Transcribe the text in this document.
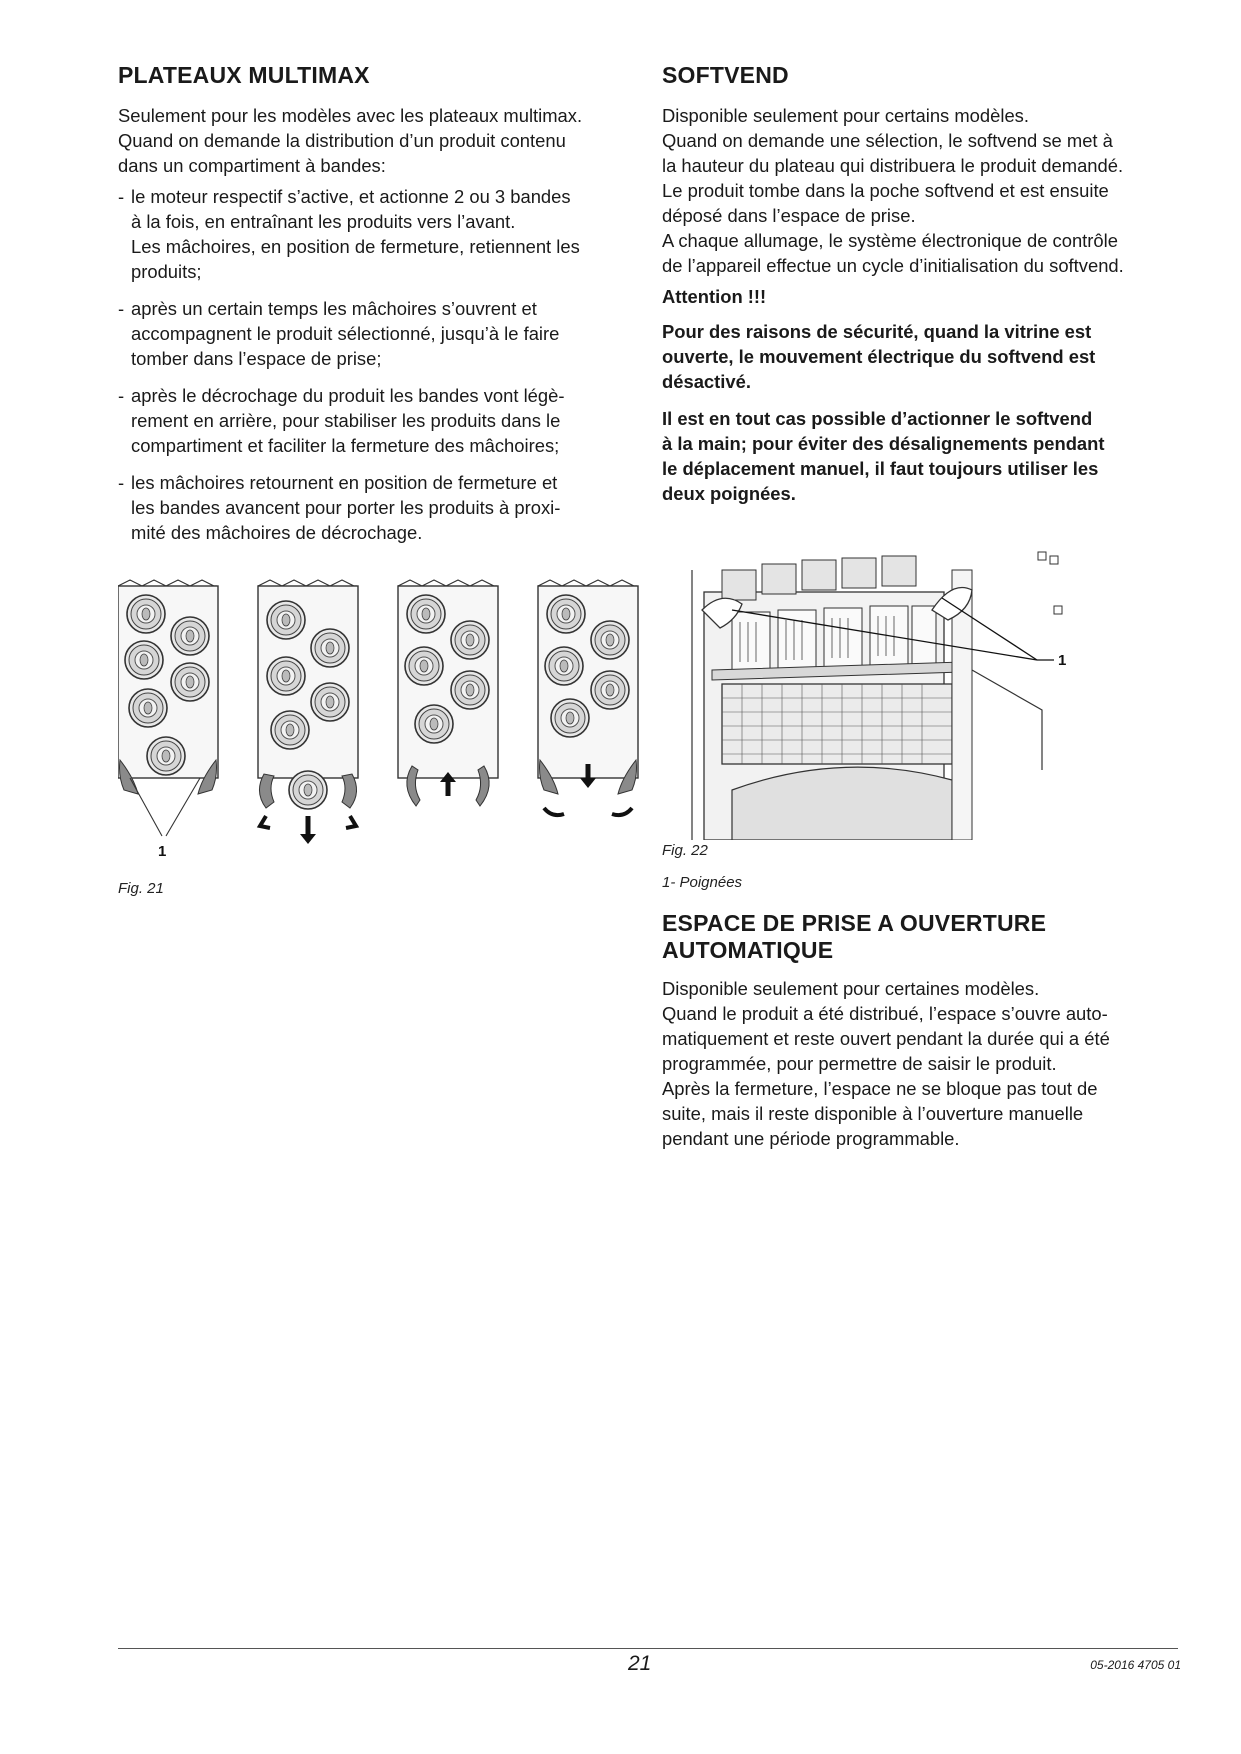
PLATEAUX MULTIMAX

Seulement pour les modèles avec les plateaux multimax.

Quand on demande la distribution d’un produit contenu

dans un compartiment à bandes:

- le moteur respectif s’active, et actionne 2 ou 3 bandes
à la fois, en entraînant les produits vers l’avant.
Les mâchoires, en position de fermeture, retiennent les
produits;
- après un certain temps les mâchoires s’ouvrent et
accompagnent le produit sélectionné, jusqu’à le faire
tomber dans l’espace de prise;
- après le décrochage du produit les bandes vont légè-
rement en arrière, pour stabiliser les produits dans le
compartiment et faciliter la fermeture des mâchoires;
- les mâchoires retournent en position de fermeture et
les bandes avancent pour porter les produits à proxi-
mité des mâchoires de décrochage.
1
Fig. 21
SOFTVEND

Disponible seulement pour certains modèles.

Quand on demande une sélection, le softvend se met à

la hauteur du plateau qui distribuera le produit demandé.

Le produit tombe dans la poche softvend et est ensuite

déposé dans l’espace de prise.

A chaque allumage, le système électronique de contrôle

de l’appareil effectue un cycle d’initialisation du softvend.

Attention !!!

Pour des raisons de sécurité, quand la vitrine est

ouverte, le mouvement électrique du softvend est

désactivé.

Il est en tout cas possible d’actionner le softvend

à la main; pour éviter des désalignements pendant

le déplacement manuel, il faut toujours utiliser les

deux poignées.

1
Fig. 22
1- Poignées
ESPACE DE PRISE A OUVERTURE
AUTOMATIQUE

Disponible seulement pour certaines modèles.

Quand le produit a été distribué, l’espace s’ouvre auto-

matiquement et reste ouvert pendant la durée qui a été

programmée, pour permettre de saisir le produit.

Après la fermeture, l’espace ne se bloque pas tout de

suite, mais il reste disponible à l’ouverture manuelle

pendant une période programmable.

21	05-2016 4705 01
